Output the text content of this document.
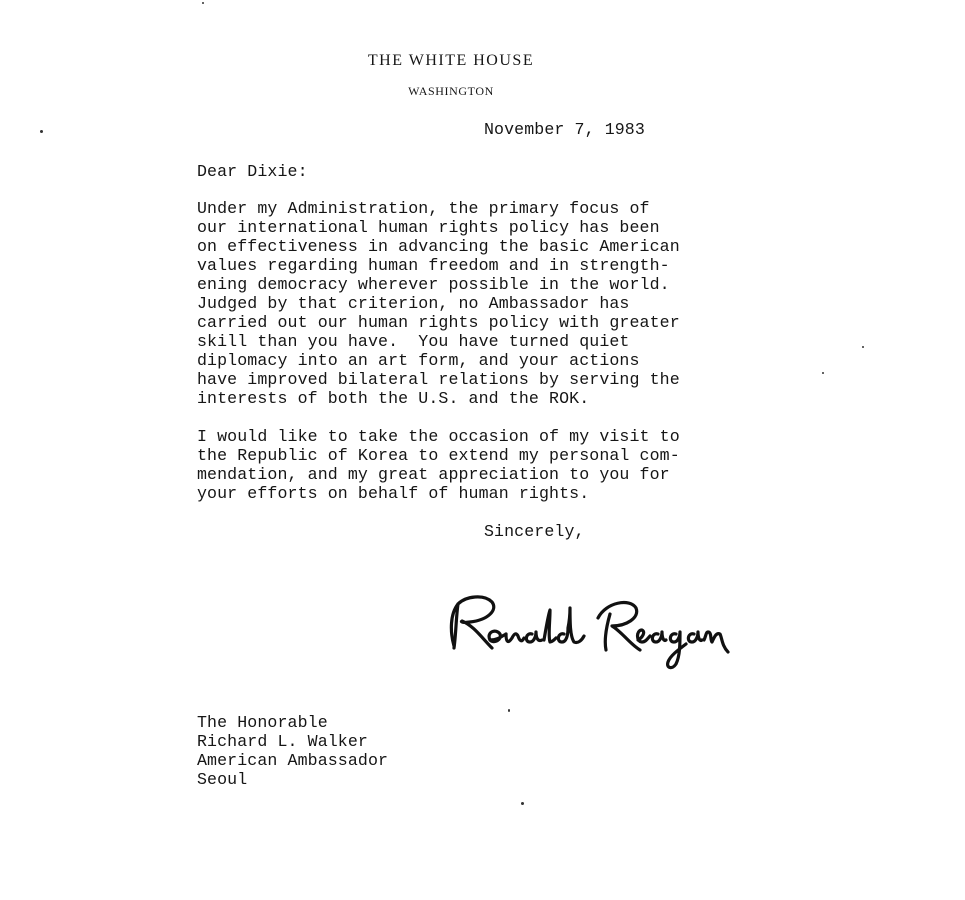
THE WHITE HOUSE
WASHINGTON
November 7, 1983
Dear Dixie:
Under my Administration, the primary focus of
our international human rights policy has been
on effectiveness in advancing the basic American
values regarding human freedom and in strength-
ening democracy wherever possible in the world.
Judged by that criterion, no Ambassador has
carried out our human rights policy with greater
skill than you have.  You have turned quiet
diplomacy into an art form, and your actions
have improved bilateral relations by serving the
interests of both the U.S. and the ROK.
I would like to take the occasion of my visit to
the Republic of Korea to extend my personal com-
mendation, and my great appreciation to you for
your efforts on behalf of human rights.
Sincerely,
The Honorable
Richard L. Walker
American Ambassador
Seoul
